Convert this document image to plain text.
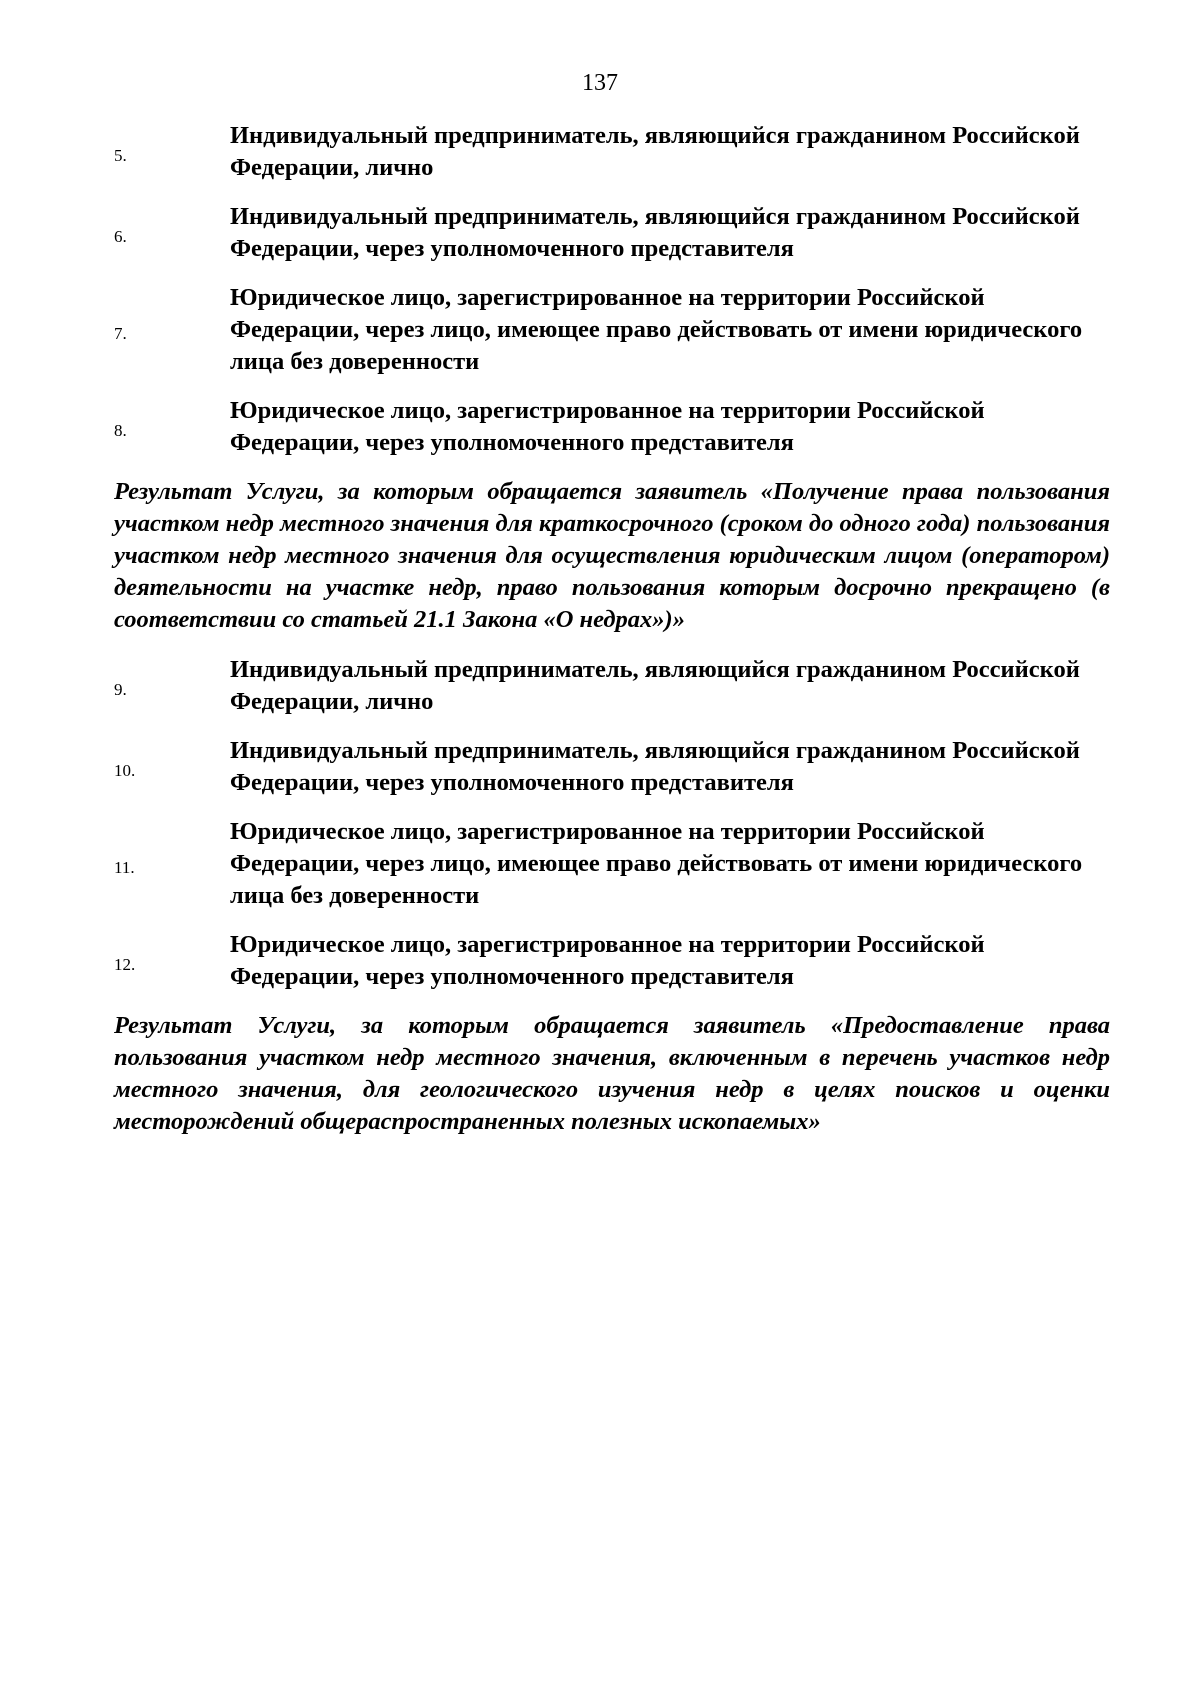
137
5.
Индивидуальный предприниматель, являющийся гражданином Российской Федерации, лично
6.
Индивидуальный предприниматель, являющийся гражданином Российской Федерации, через уполномоченного представителя
7.
Юридическое лицо, зарегистрированное на территории Российской Федерации, через лицо, имеющее право действовать от имени юридического лица без доверенности
8.
Юридическое лицо, зарегистрированное на территории Российской Федерации, через уполномоченного представителя
Результат Услуги, за которым обращается заявитель «Получение права пользования участком недр местного значения для краткосрочного (сроком до одного года) пользования участком недр местного значения для осуществления юридическим лицом (оператором) деятельности на участке недр, право пользования которым досрочно прекращено (в соответствии со статьей 21.1 Закона «О недрах»)»
9.
Индивидуальный предприниматель, являющийся гражданином Российской Федерации, лично
10.
Индивидуальный предприниматель, являющийся гражданином Российской Федерации, через уполномоченного представителя
11.
Юридическое лицо, зарегистрированное на территории Российской Федерации, через лицо, имеющее право действовать от имени юридического лица без доверенности
12.
Юридическое лицо, зарегистрированное на территории Российской Федерации, через уполномоченного представителя
Результат Услуги, за которым обращается заявитель «Предоставление права пользования участком недр местного значения, включенным в перечень участков недр местного значения, для геологического изучения недр в целях поисков и оценки месторождений общераспространенных полезных ископаемых»
